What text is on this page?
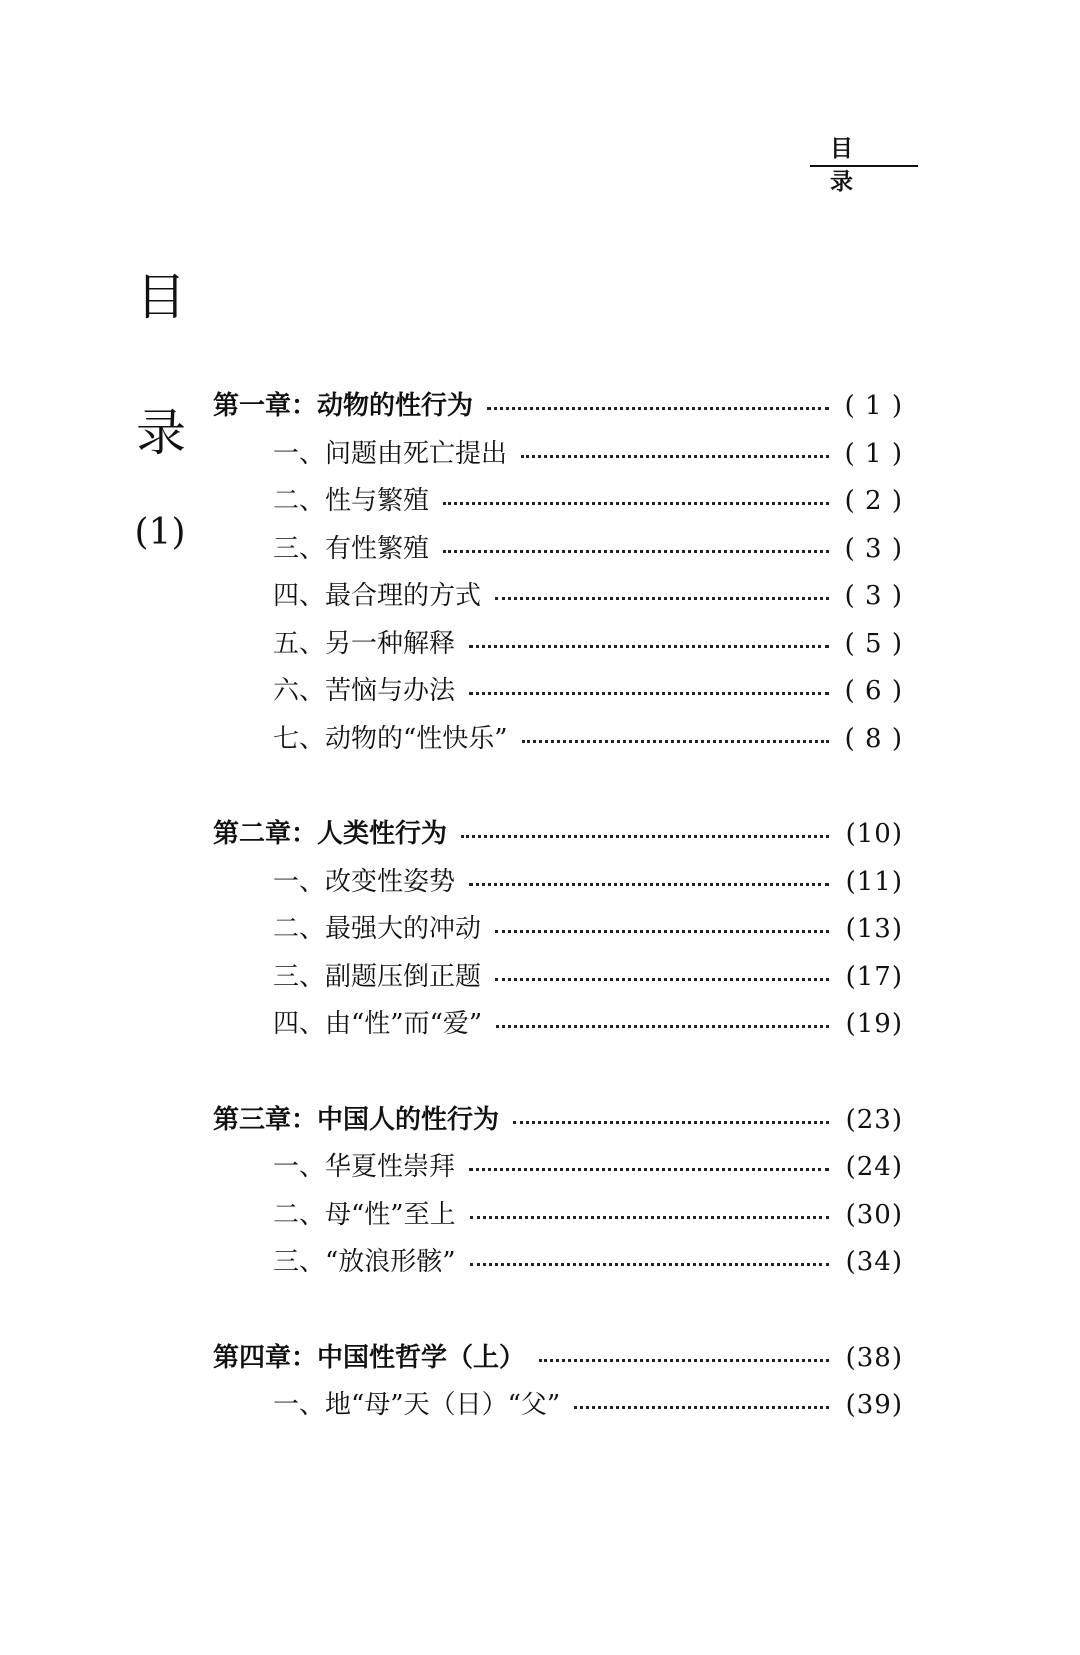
目 录
目
录
(1)
第一章：动物的性行为	( 1 )
一、问题由死亡提出	( 1 )
二、性与繁殖	( 2 )
三、有性繁殖	( 3 )
四、最合理的方式	( 3 )
五、另一种解释	( 5 )
六、苦恼与办法	( 6 )
七、动物的“性快乐”	( 8 )
第二章：人类性行为	(10)
一、改变性姿势	(11)
二、最强大的冲动	(13)
三、副题压倒正题	(17)
四、由“性”而“爱”	(19)
第三章：中国人的性行为	(23)
一、华夏性崇拜	(24)
二、母“性”至上	(30)
三、“放浪形骸”	(34)
第四章：中国性哲学（上）	(38)
一、地“母”天（日）“父”	(39)
